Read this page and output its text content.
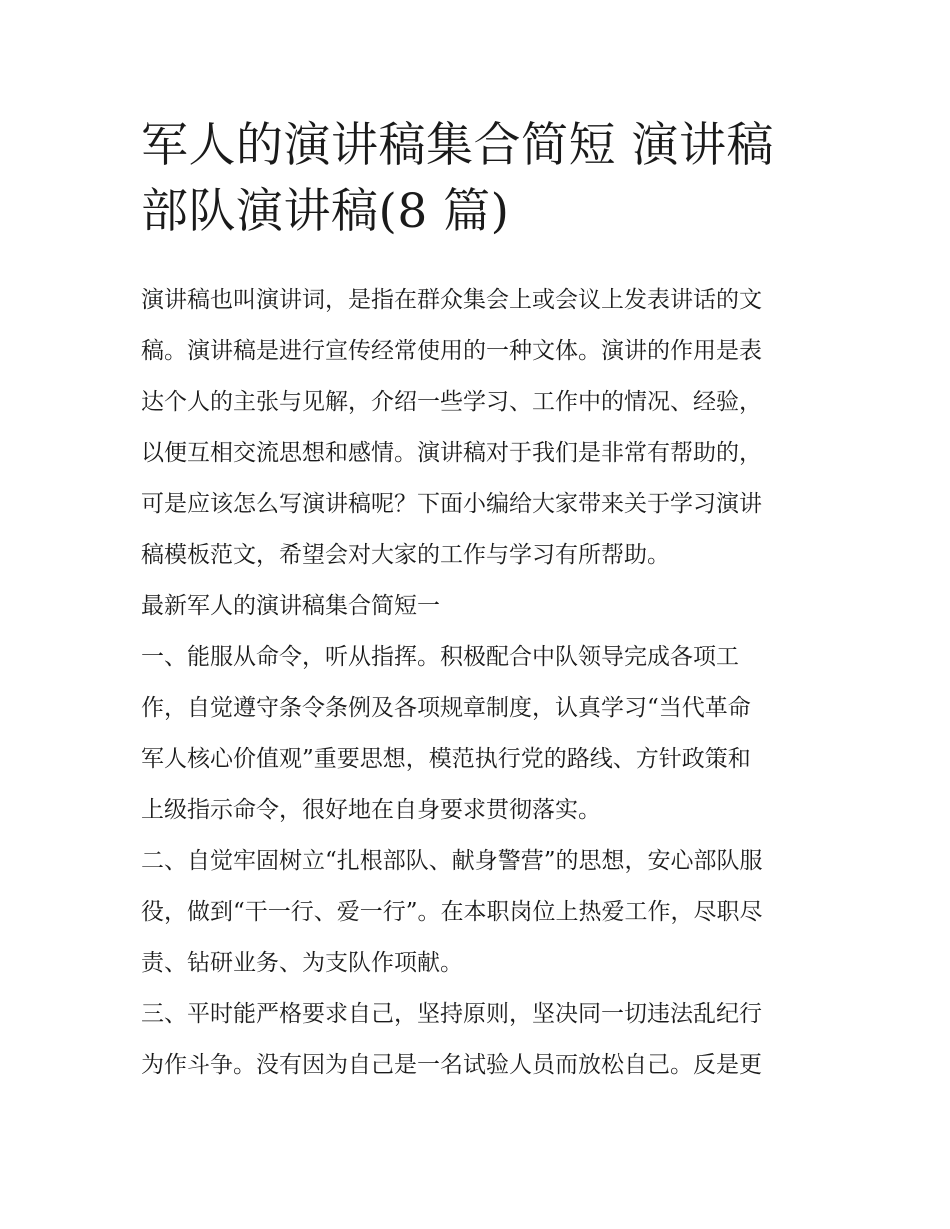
军人的演讲稿集合简短 演讲稿
部队演讲稿(8 篇)

演讲稿也叫演讲词，是指在群众集会上或会议上发表讲话的文

稿。演讲稿是进行宣传经常使用的一种文体。演讲的作用是表

达个人的主张与见解，介绍一些学习、工作中的情况、经验，

以便互相交流思想和感情。演讲稿对于我们是非常有帮助的，

可是应该怎么写演讲稿呢？下面小编给大家带来关于学习演讲

稿模板范文，希望会对大家的工作与学习有所帮助。

最新军人的演讲稿集合简短一

一、能服从命令，听从指挥。积极配合中队领导完成各项工

作，自觉遵守条令条例及各项规章制度，认真学习“当代革命

军人核心价值观”重要思想，模范执行党的路线、方针政策和

上级指示命令，很好地在自身要求贯彻落实。

二、自觉牢固树立“扎根部队、献身警营”的思想，安心部队服

役，做到“干一行、爱一行”。在本职岗位上热爱工作，尽职尽

责、钻研业务、为支队作项献。

三、平时能严格要求自己，坚持原则，坚决同一切违法乱纪行

为作斗争。没有因为自己是一名试验人员而放松自己。反是更
